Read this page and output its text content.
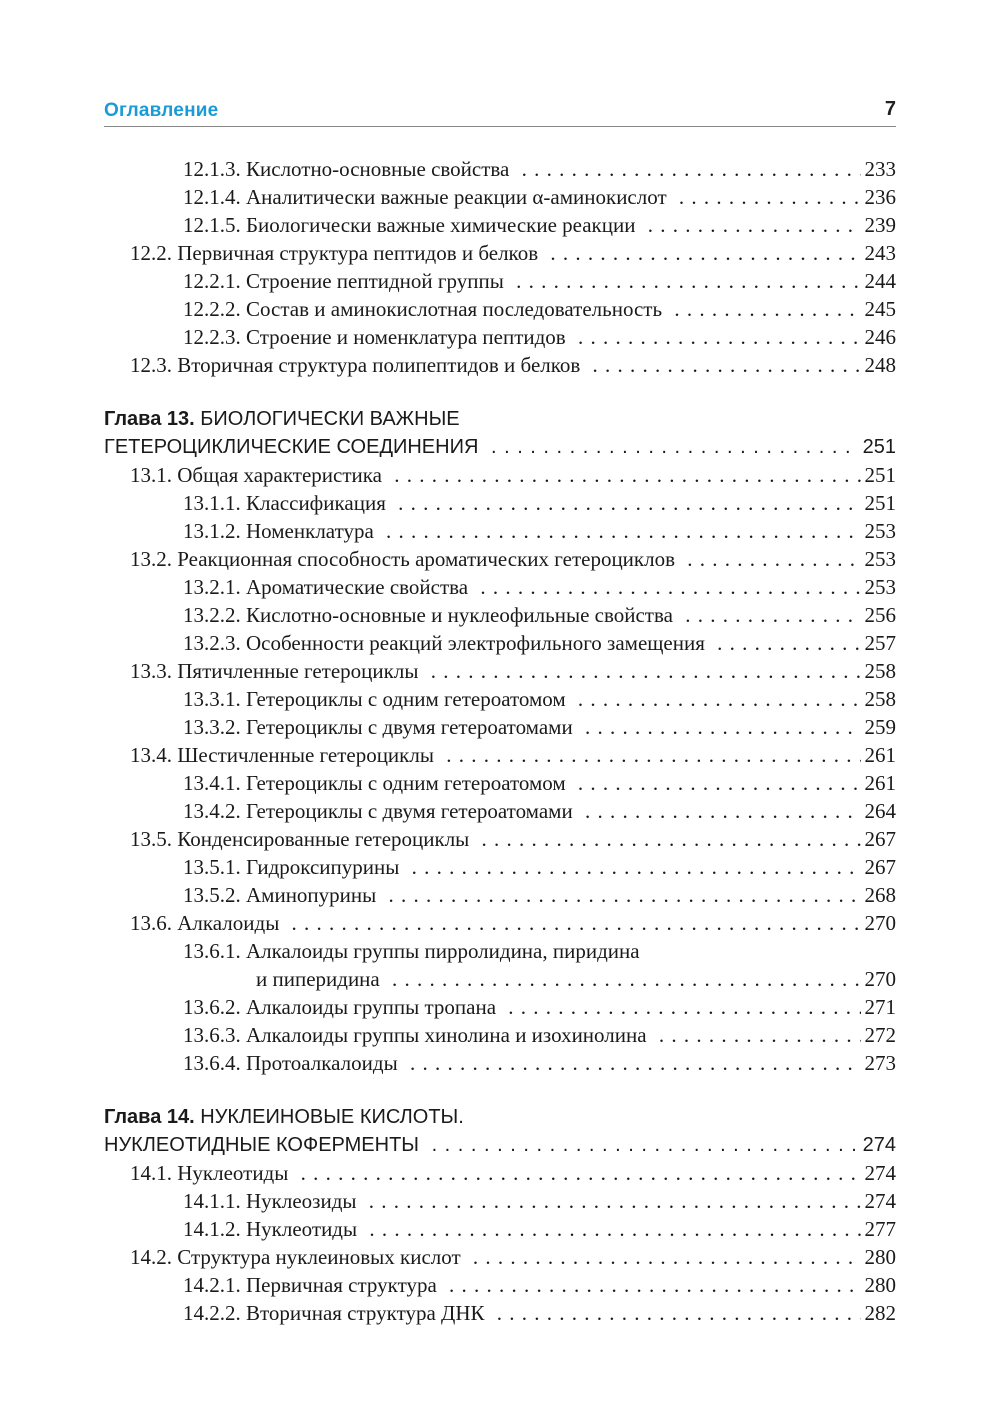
Оглавление	7
12.1.3. Кислотно-основные свойства . . .	233
12.1.4. Аналитически важные реакции α-аминокислот . . .	236
12.1.5. Биологически важные химические реакции . . .	239
12.2. Первичная структура пептидов и белков . . .	243
12.2.1. Строение пептидной группы . . .	244
12.2.2. Состав и аминокислотная последовательность . . .	245
12.2.3. Строение и номенклатура пептидов . . .	246
12.3. Вторичная структура полипептидов и белков . . .	248
Глава 13. БИОЛОГИЧЕСКИ ВАЖНЫЕ
ГЕТЕРОЦИКЛИЧЕСКИЕ СОЕДИНЕНИЯ . . .	251
13.1. Общая характеристика . . .	251
13.1.1. Классификация . . .	251
13.1.2. Номенклатура . . .	253
13.2. Реакционная способность ароматических гетероциклов . . .	253
13.2.1. Ароматические свойства . . .	253
13.2.2. Кислотно-основные и нуклеофильные свойства . . .	256
13.2.3. Особенности реакций электрофильного замещения . . .	257
13.3. Пятичленные гетероциклы . . .	258
13.3.1. Гетероциклы с одним гетероатомом . . .	258
13.3.2. Гетероциклы с двумя гетероатомами . . .	259
13.4. Шестичленные гетероциклы . . .	261
13.4.1. Гетероциклы с одним гетероатомом . . .	261
13.4.2. Гетероциклы с двумя гетероатомами . . .	264
13.5. Конденсированные гетероциклы . . .	267
13.5.1. Гидроксипурины . . .	267
13.5.2. Аминопурины . . .	268
13.6. Алкалоиды . . .	270
13.6.1. Алкалоиды группы пирролидина, пиридина
и пиперидина . . .	270
13.6.2. Алкалоиды группы тропана . . .	271
13.6.3. Алкалоиды группы хинолина и изохинолина . . .	272
13.6.4. Протоалкалоиды . . .	273
Глава 14. НУКЛЕИНОВЫЕ КИСЛОТЫ.
НУКЛЕОТИДНЫЕ КОФЕРМЕНТЫ . . .	274
14.1. Нуклеотиды . . .	274
14.1.1. Нуклеозиды . . .	274
14.1.2. Нуклеотиды . . .	277
14.2. Структура нуклеиновых кислот . . .	280
14.2.1. Первичная структура . . .	280
14.2.2. Вторичная структура ДНК . . .	282
